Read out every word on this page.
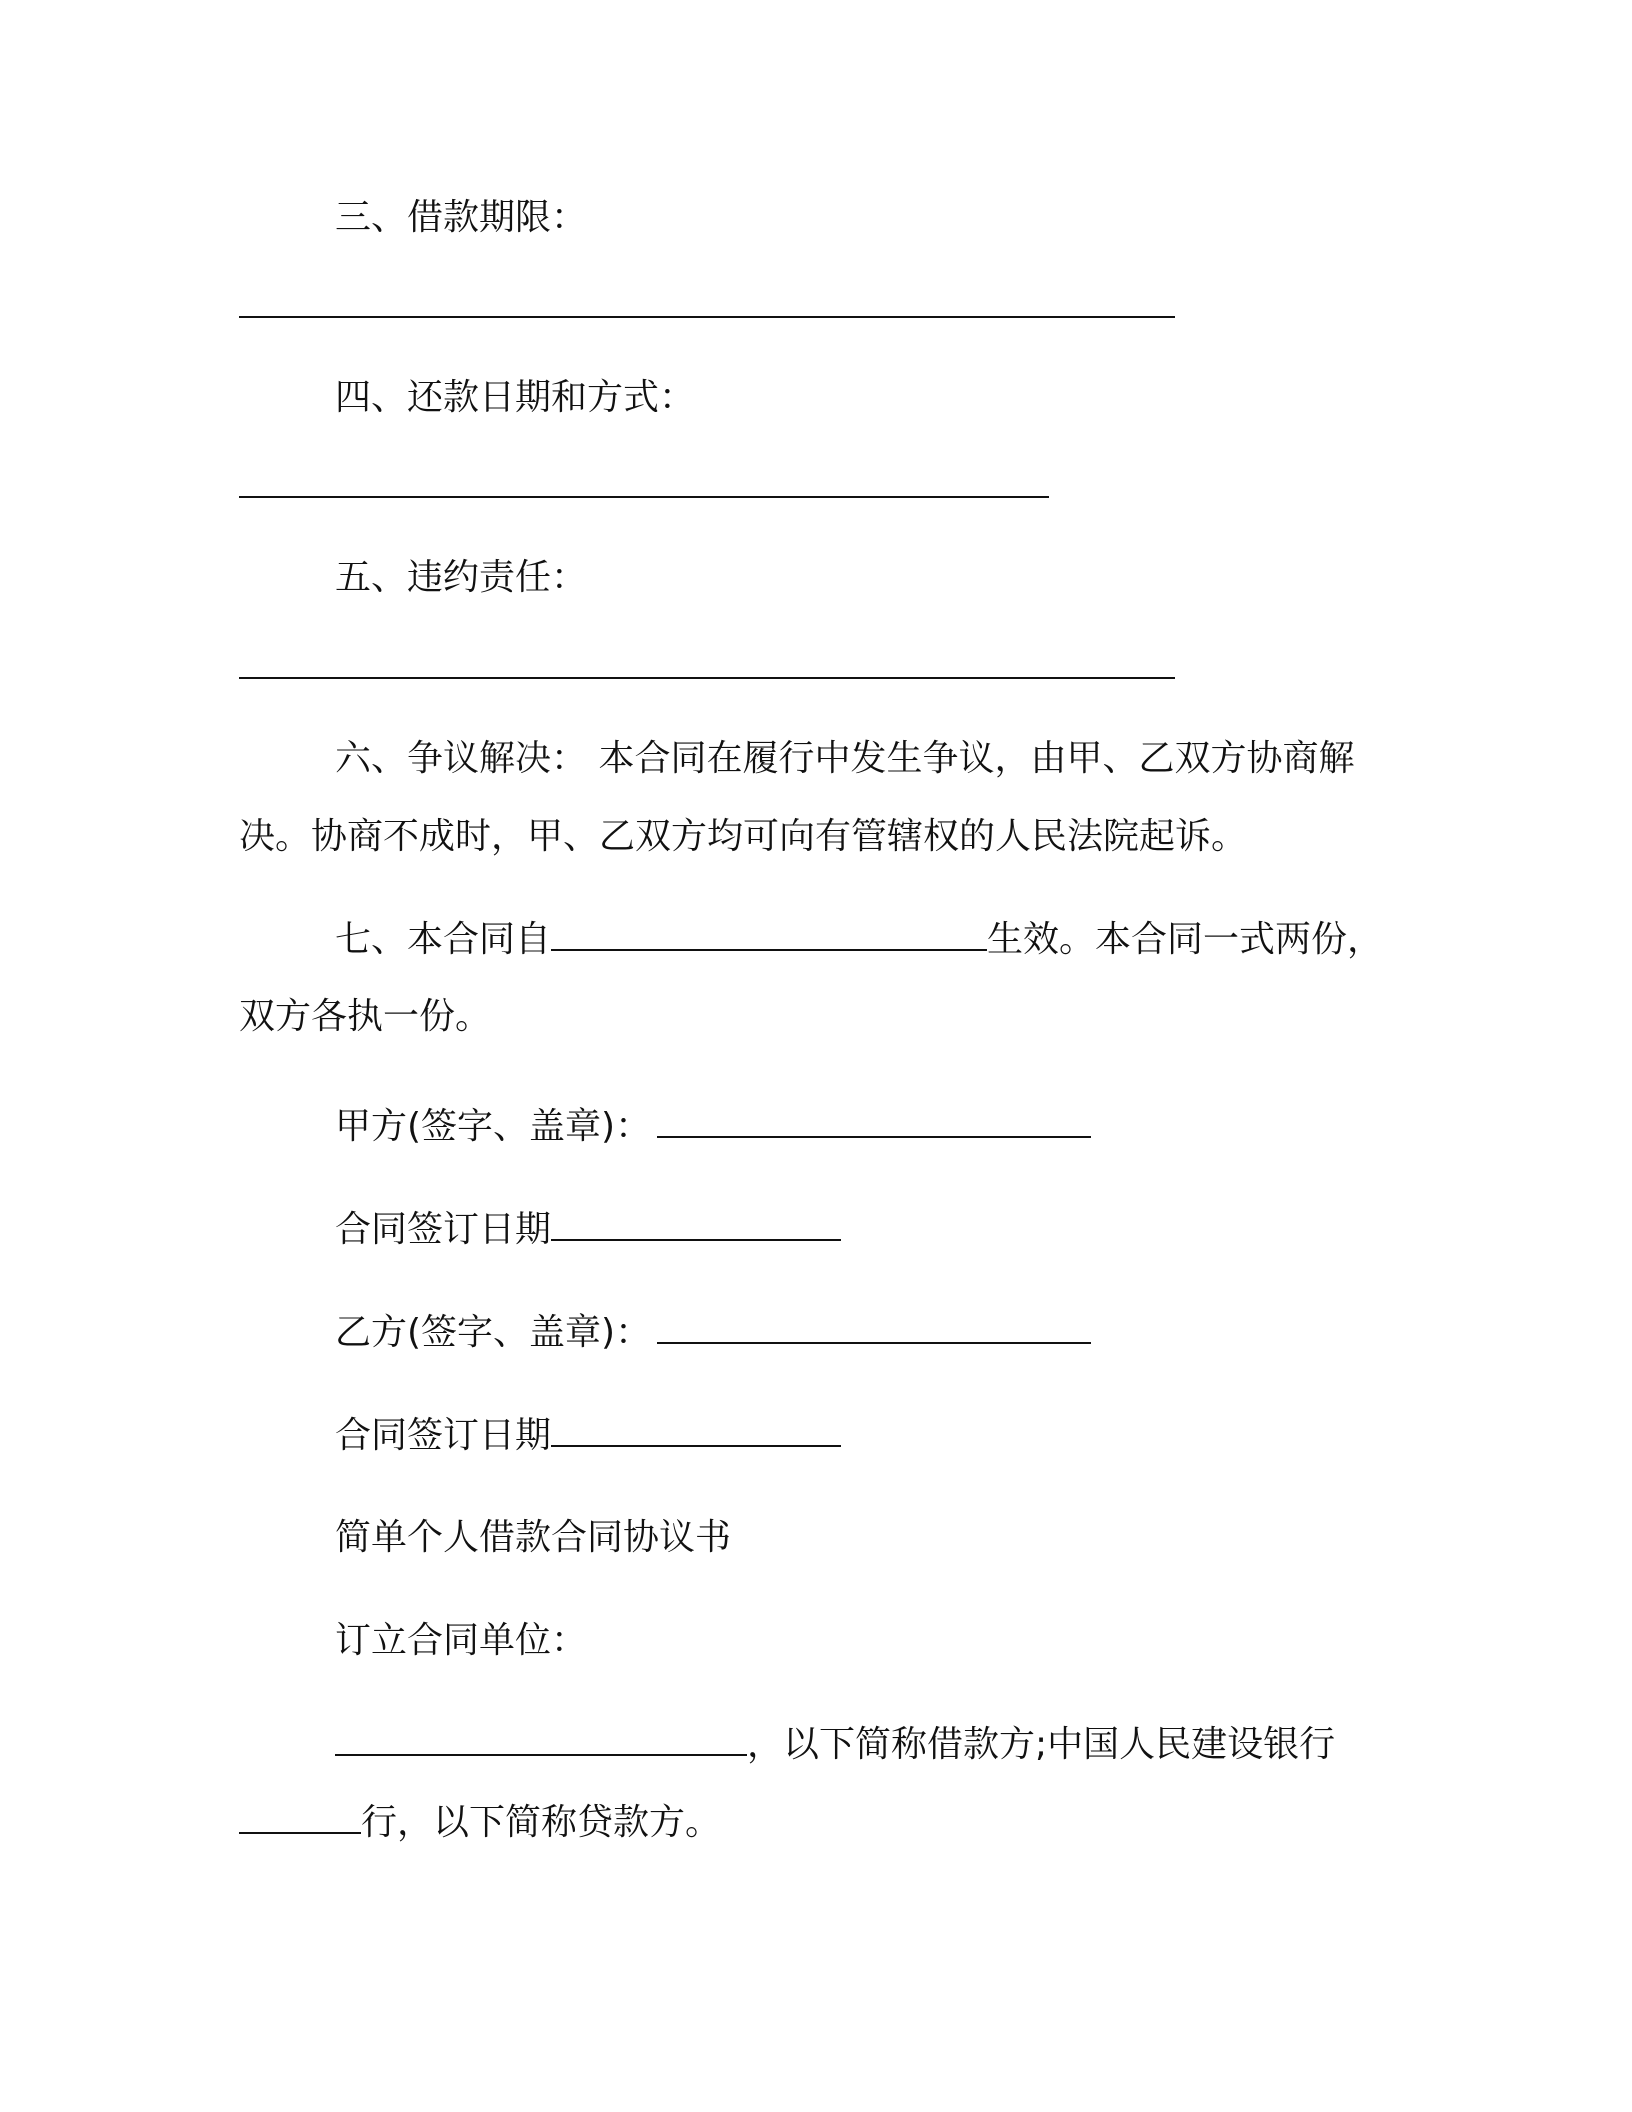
三、借款期限：
四、还款日期和方式：
五、违约责任：
六、争议解决： 本合同在履行中发生争议，由甲、乙双方协商解
决。协商不成时，甲、乙双方均可向有管辖权的人民法院起诉。
七、本合同自	生效。本合同一式两份，
双方各执一份。
甲方(签字、盖章)：
合同签订日期
乙方(签字、盖章)：
合同签订日期
简单个人借款合同协议书
订立合同单位：
，以下简称借款方;中国人民建设银行
行，以下简称贷款方。
